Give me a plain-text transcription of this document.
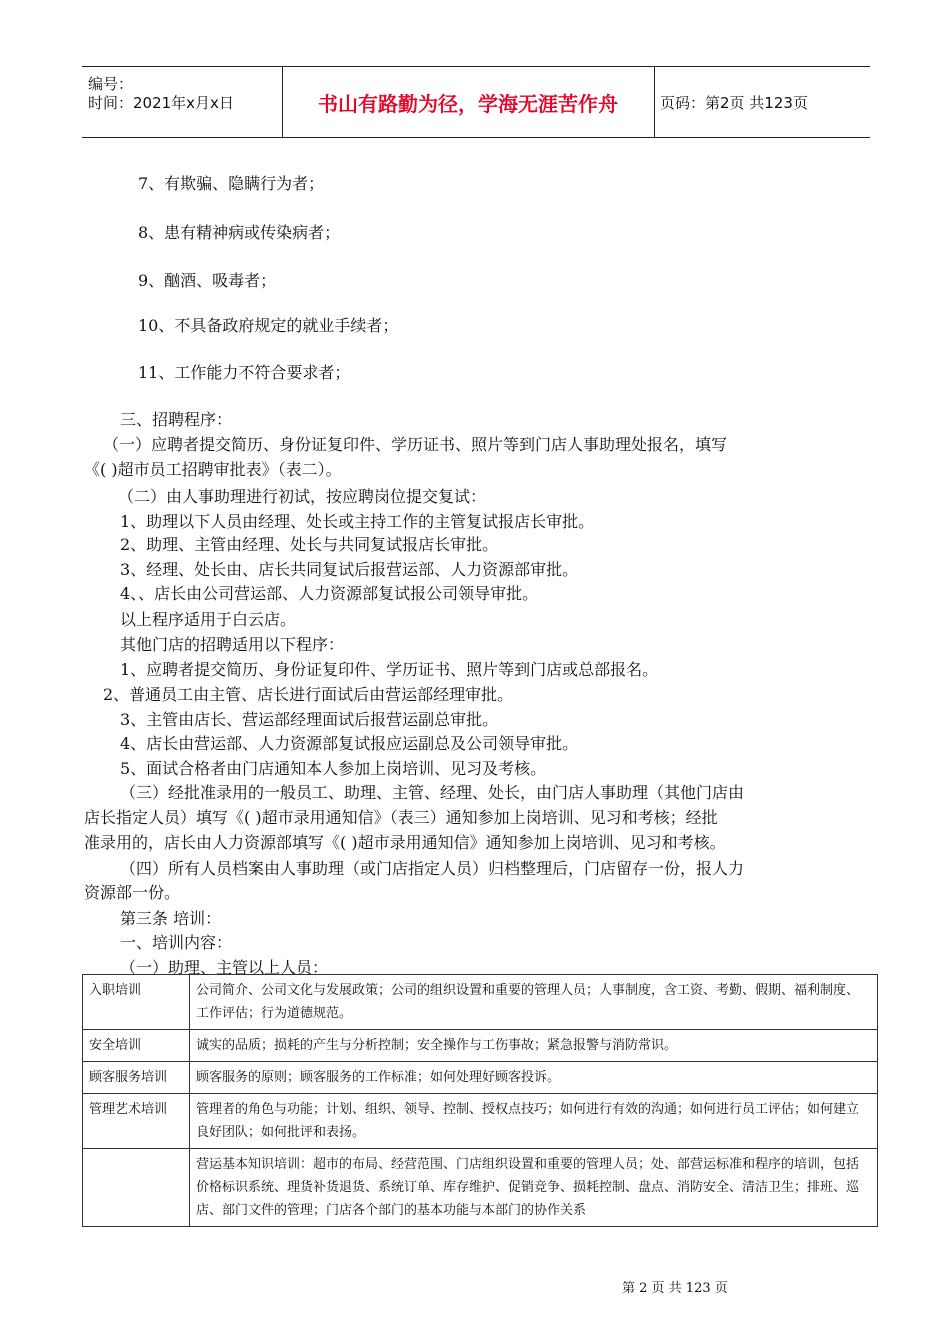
编号：
时间：2021年x月x日	书山有路勤为径，学海无涯苦作舟	页码：第2页 共123页
7、有欺骗、隐瞒行为者；
8、患有精神病或传染病者；
9、酗酒、吸毒者；
10、不具备政府规定的就业手续者；
11、工作能力不符合要求者；
三、招聘程序：
（一）应聘者提交简历、身份证复印件、学历证书、照片等到门店人事助理处报名，填写
《( )超市员工招聘审批表》（表二）。
（二）由人事助理进行初试，按应聘岗位提交复试：
1、助理以下人员由经理、处长或主持工作的主管复试报店长审批。
2、助理、主管由经理、处长与共同复试报店长审批。
3、经理、处长由、店长共同复试后报营运部、人力资源部审批。
4、、店长由公司营运部、人力资源部复试报公司领导审批。
以上程序适用于白云店。
其他门店的招聘适用以下程序：
1、应聘者提交简历、身份证复印件、学历证书、照片等到门店或总部报名。
2、普通员工由主管、店长进行面试后由营运部经理审批。
3、主管由店长、营运部经理面试后报营运副总审批。
4、店长由营运部、人力资源部复试报应运副总及公司领导审批。
5、面试合格者由门店通知本人参加上岗培训、见习及考核。
（三）经批准录用的一般员工、助理、主管、经理、处长，由门店人事助理（其他门店由
店长指定人员）填写《( )超市录用通知信》（表三）通知参加上岗培训、见习和考核；经批
准录用的，店长由人力资源部填写《( )超市录用通知信》通知参加上岗培训、见习和考核。
（四）所有人员档案由人事助理（或门店指定人员）归档整理后，门店留存一份，报人力
资源部一份。
第三条 培训：
一、培训内容：
（一）助理、主管以上人员：
入职培训	公司简介、公司文化与发展政策；公司的组织设置和重要的管理人员；人事制度，含工资、考勤、假期、福利制度、工作评估；行为道德规范。
安全培训	诚实的品质；损耗的产生与分析控制；安全操作与工伤事故；紧急报警与消防常识。
顾客服务培训	顾客服务的原则；顾客服务的工作标准；如何处理好顾客投诉。
管理艺术培训	管理者的角色与功能；计划、组织、领导、控制、授权点技巧；如何进行有效的沟通；如何进行员工评估；如何建立良好团队；如何批评和表扬。
	营运基本知识培训：超市的布局、经营范围、门店组织设置和重要的管理人员；处、部营运标准和程序的培训，包括价格标识系统、理货补货退货、系统订单、库存维护、促销竞争、损耗控制、盘点、消防安全、清洁卫生；排班、巡店、部门文件的管理；门店各个部门的基本功能与本部门的协作关系
第 2 页 共 123 页
